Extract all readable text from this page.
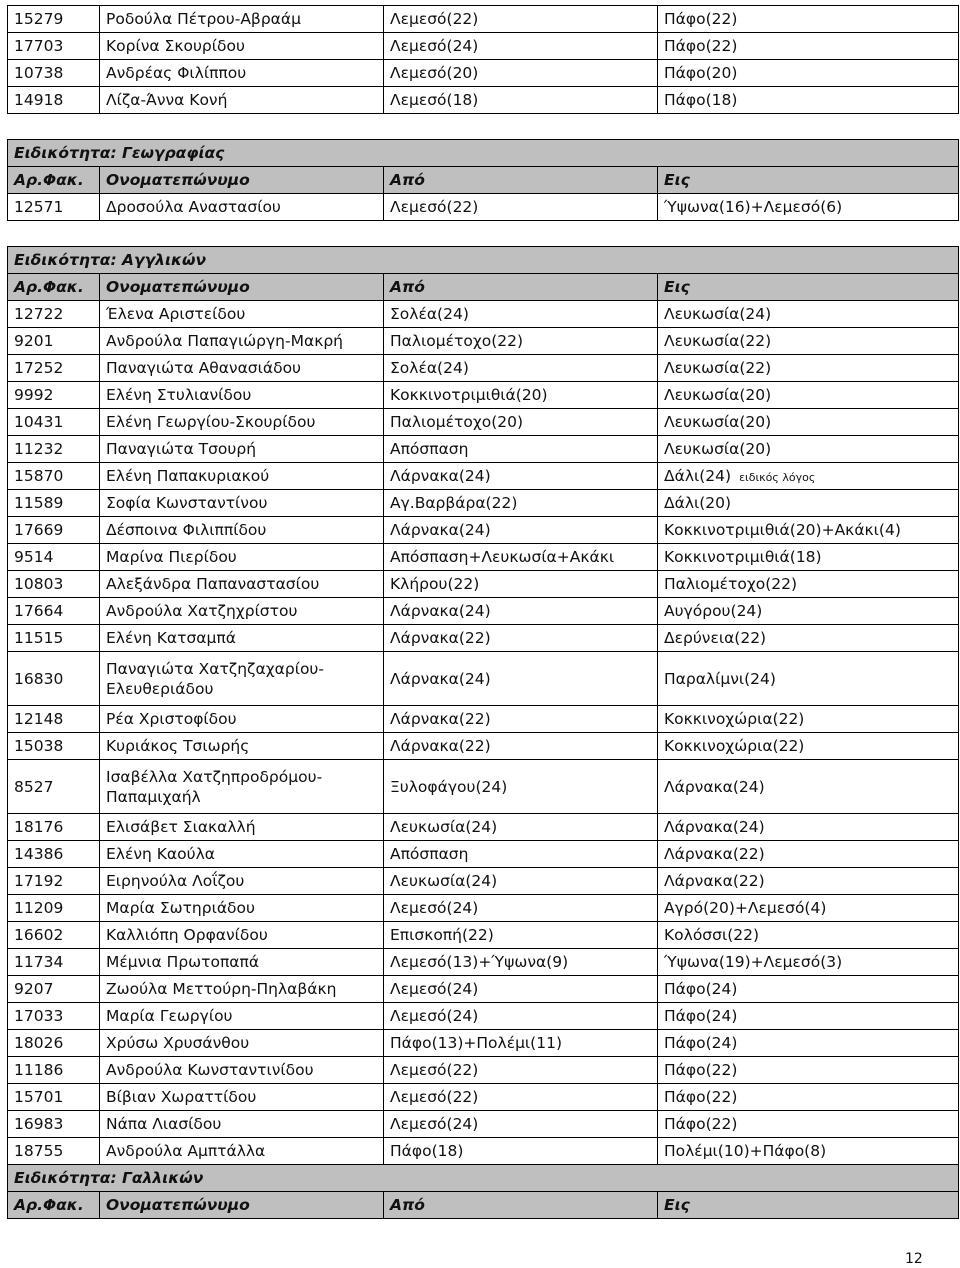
15279	Ροδούλα Πέτρου-Αβραάμ	Λεμεσό(22)	Πάφο(22)
17703	Κορίνα Σκουρίδου	Λεμεσό(24)	Πάφο(22)
10738	Ανδρέας Φιλίππου	Λεμεσό(20)	Πάφο(20)
14918	Λίζα-Άννα Κονή	Λεμεσό(18)	Πάφο(18)

Ειδικότητα: Γεωγραφίας			
Αρ.Φακ.	Ονοματεπώνυμο	Από	Εις
12571	Δροσούλα Αναστασίου	Λεμεσό(22)	Ύψωνα(16)+Λεμεσό(6)

Ειδικότητα: Αγγλικών			
Αρ.Φακ.	Ονοματεπώνυμο	Από	Εις
12722	Έλενα Αριστείδου	Σολέα(24)	Λευκωσία(24)
9201	Ανδρούλα Παπαγιώργη-Μακρή	Παλιομέτοχο(22)	Λευκωσία(22)
17252	Παναγιώτα Αθανασιάδου	Σολέα(24)	Λευκωσία(22)
9992	Ελένη Στυλιανίδου	Κοκκινοτριμιθιά(20)	Λευκωσία(20)
10431	Ελένη Γεωργίου-Σκουρίδου	Παλιομέτοχο(20)	Λευκωσία(20)
11232	Παναγιώτα Τσουρή	Απόσπαση	Λευκωσία(20)
15870	Ελένη Παπακυριακού	Λάρνακα(24)	Δάλι(24) ειδικός λόγος
11589	Σοφία Κωνσταντίνου	Αγ.Βαρβάρα(22)	Δάλι(20)
17669	Δέσποινα Φιλιππίδου	Λάρνακα(24)	Κοκκινοτριμιθιά(20)+Ακάκι(4)
9514	Μαρίνα Πιερίδου	Απόσπαση+Λευκωσία+Ακάκι	Κοκκινοτριμιθιά(18)
10803	Αλεξάνδρα Παπαναστασίου	Κλήρου(22)	Παλιομέτοχο(22)
17664	Ανδρούλα Χατζηχρίστου	Λάρνακα(24)	Αυγόρου(24)
11515	Ελένη Κατσαμπά	Λάρνακα(22)	Δερύνεια(22)
16830	Παναγιώτα Χατζηζαχαρίου-Ελευθεριάδου	Λάρνακα(24)	Παραλίμνι(24)
12148	Ρέα Χριστοφίδου	Λάρνακα(22)	Κοκκινοχώρια(22)
15038	Κυριάκος Τσιωρής	Λάρνακα(22)	Κοκκινοχώρια(22)
8527	Ισαβέλλα Χατζηπροδρόμου-Παπαμιχαήλ	Ξυλοφάγου(24)	Λάρνακα(24)
18176	Ελισάβετ Σιακαλλή	Λευκωσία(24)	Λάρνακα(24)
14386	Ελένη Καούλα	Απόσπαση	Λάρνακα(22)
17192	Ειρηνούλα Λοΐζου	Λευκωσία(24)	Λάρνακα(22)
11209	Μαρία Σωτηριάδου	Λεμεσό(24)	Αγρό(20)+Λεμεσό(4)
16602	Καλλιόπη Ορφανίδου	Επισκοπή(22)	Κολόσσι(22)
11734	Μέμνια Πρωτοπαπά	Λεμεσό(13)+Ύψωνα(9)	Ύψωνα(19)+Λεμεσό(3)
9207	Ζωούλα Μεττούρη-Πηλαβάκη	Λεμεσό(24)	Πάφο(24)
17033	Μαρία Γεωργίου	Λεμεσό(24)	Πάφο(24)
18026	Χρύσω Χρυσάνθου	Πάφο(13)+Πολέμι(11)	Πάφο(24)
11186	Ανδρούλα Κωνσταντινίδου	Λεμεσό(22)	Πάφο(22)
15701	Βίβιαν Χωραττίδου	Λεμεσό(22)	Πάφο(22)
16983	Νάπα Λιασίδου	Λεμεσό(24)	Πάφο(22)
18755	Ανδρούλα Αμπτάλλα	Πάφο(18)	Πολέμι(10)+Πάφο(8)
Ειδικότητα: Γαλλικών			
Αρ.Φακ.	Ονοματεπώνυμο	Από	Εις
12
